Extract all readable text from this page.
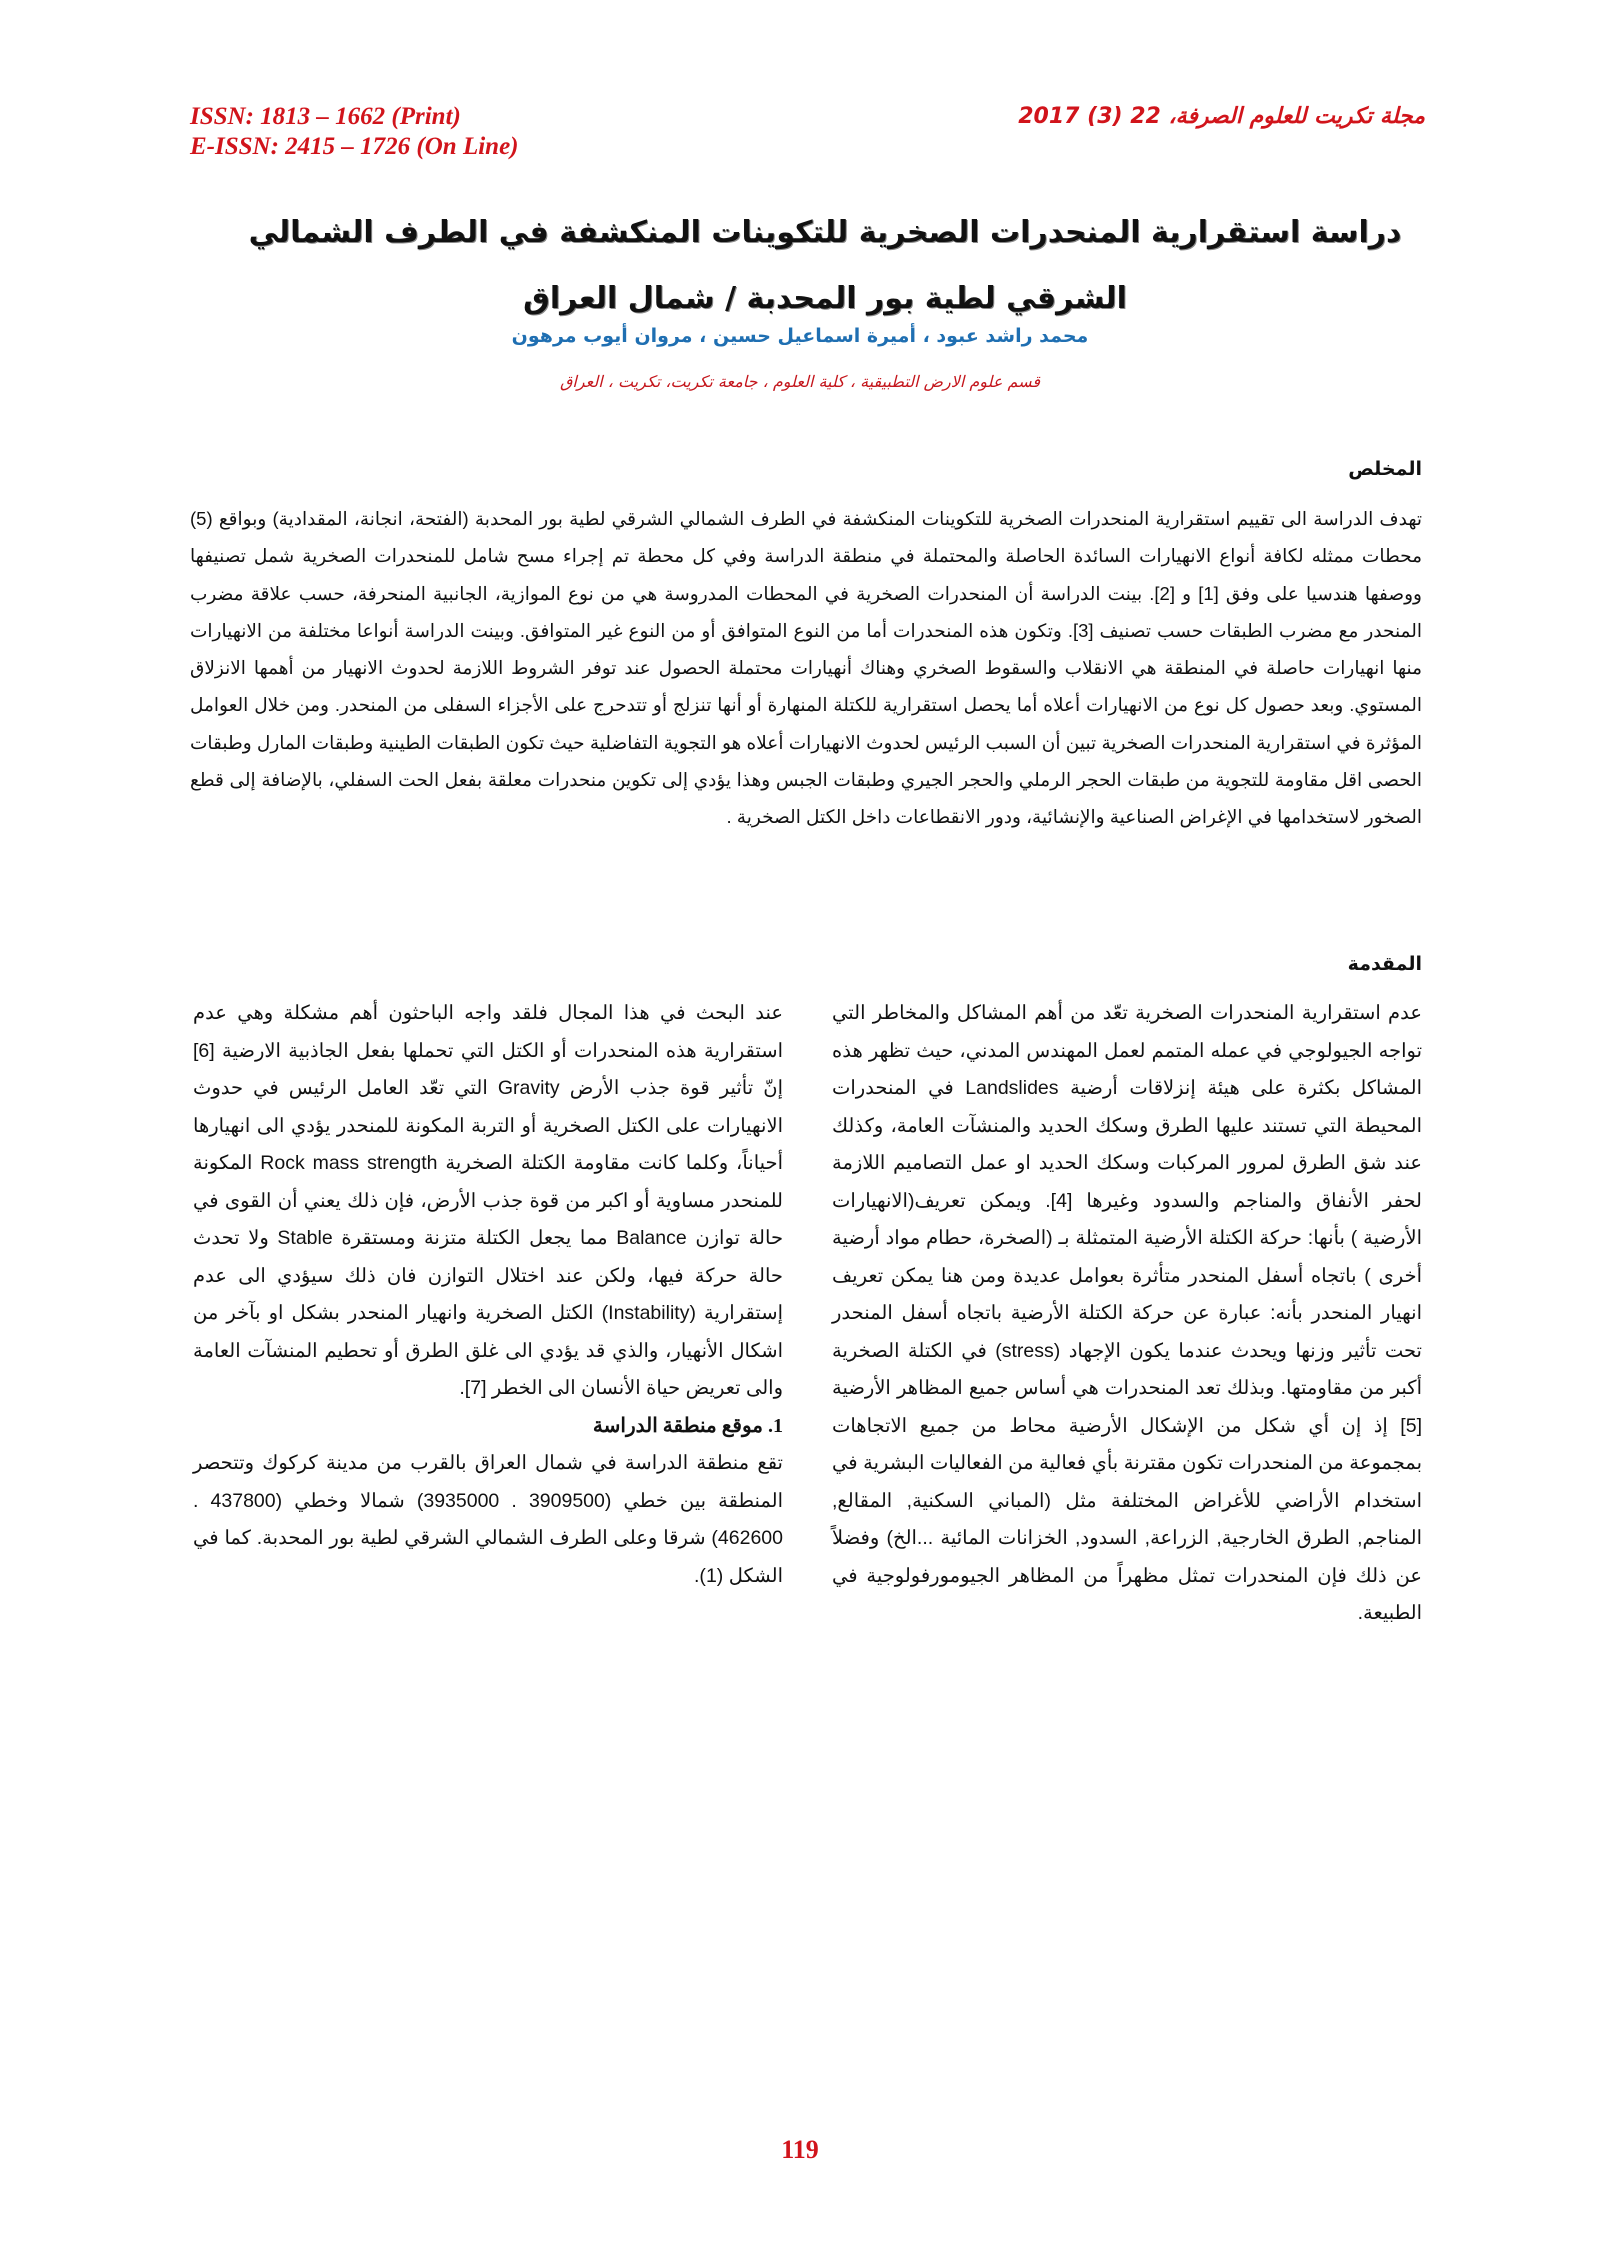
ISSN: 1813 – 1662 (Print)
E-ISSN: 2415 – 1726 (On Line)
مجلة تكريت للعلوم الصرفة، 22 (3) 2017
دراسة استقرارية المنحدرات الصخرية للتكوينات المنكشفة في الطرف الشمالي الشرقي لطية بور المحدبة / شمال العراق
محمد راشد عبود ، أميرة اسماعيل حسين ، مروان أيوب مرهون
قسم علوم الارض التطبيقية ، كلية العلوم ، جامعة تكريت، تكريت ، العراق
المخلص
تهدف الدراسة الى تقييم استقرارية المنحدرات الصخرية للتكوينات المنكشفة في الطرف الشمالي الشرقي لطية بور المحدبة (الفتحة، انجانة، المقدادية) وبواقع (5) محطات ممثله لكافة أنواع الانهيارات السائدة الحاصلة والمحتملة في منطقة الدراسة وفي كل محطة تم إجراء مسح شامل للمنحدرات الصخرية شمل تصنيفها ووصفها هندسيا على وفق [1] و [2]. بينت الدراسة أن المنحدرات الصخرية في المحطات المدروسة هي من نوع الموازية، الجانبية المنحرفة، حسب علاقة مضرب المنحدر مع مضرب الطبقات حسب تصنيف [3]. وتكون هذه المنحدرات أما من النوع المتوافق أو من النوع غير المتوافق. وبينت الدراسة أنواعا مختلفة من الانهيارات منها انهيارات حاصلة في المنطقة هي الانقلاب والسقوط الصخري وهناك أنهيارات محتملة الحصول عند توفر الشروط اللازمة لحدوث الانهيار من أهمها الانزلاق المستوي. وبعد حصول كل نوع من الانهيارات أعلاه أما يحصل استقرارية للكتلة المنهارة أو أنها تنزلج أو تتدحرج على الأجزاء السفلى من المنحدر. ومن خلال العوامل المؤثرة في استقرارية المنحدرات الصخرية تبين أن السبب الرئيس لحدوث الانهيارات أعلاه هو التجوية التفاضلية حيث تكون الطبقات الطينية وطبقات المارل وطبقات الحصى اقل مقاومة للتجوية من طبقات الحجر الرملي والحجر الجيري وطبقات الجبس وهذا يؤدي إلى تكوين منحدرات معلقة بفعل الحت السفلي، بالإضافة إلى قطع الصخور لاستخدامها في الإغراض الصناعية والإنشائية، ودور الانقطاعات داخل الكتل الصخرية .
المقدمة

عدم استقرارية المنحدرات الصخرية تعّد من أهم المشاكل والمخاطر التي تواجه الجيولوجي في عمله المتمم لعمل المهندس المدني، حيث تظهر هذه المشاكل بكثرة على هيئة إنزلاقات أرضية Landslides في المنحدرات المحيطة التي تستند عليها الطرق وسكك الحديد والمنشآت العامة، وكذلك عند شق الطرق لمرور المركبات وسكك الحديد او عمل التصاميم اللازمة لحفر الأنفاق والمناجم والسدود وغيرها [4]. ويمكن تعريف(الانهيارات الأرضية ) بأنها: حركة الكتلة الأرضية المتمثلة بـ (الصخرة، حطام مواد أرضية أخرى ) باتجاه أسفل المنحدر متأثرة بعوامل عديدة ومن هنا يمكن تعريف انهيار المنحدر بأنه: عبارة عن حركة الكتلة الأرضية باتجاه أسفل المنحدر تحت تأثير وزنها ويحدث عندما يكون الإجهاد (stress) في الكتلة الصخرية أكبر من مقاومتها. وبذلك تعد المنحدرات هي أساس جميع المظاهر الأرضية [5] إذ إن أي شكل من الإشكال الأرضية محاط من جميع الاتجاهات بمجموعة من المنحدرات تكون مقترنة بأي فعالية من الفعاليات البشرية في استخدام الأراضي للأغراض المختلفة مثل (المباني السكنية, المقالع, المناجم, الطرق الخارجية, الزراعة, السدود, الخزانات المائية ...الخ) وفضلاً عن ذلك فإن المنحدرات تمثل مظهراً من المظاهر الجيومورفولوجية في الطبيعة.

عند البحث في هذا المجال فلقد واجه الباحثون أهم مشكلة وهي عدم استقرارية هذه المنحدرات أو الكتل التي تحملها بفعل الجاذبية الارضية [6] إنّ تأثير قوة جذب الأرض Gravity التي تعّد العامل الرئيس في حدوث الانهيارات على الكتل الصخرية أو التربة المكونة للمنحدر يؤدي الى انهيارها أحياناً، وكلما كانت مقاومة الكتلة الصخرية Rock mass strength المكونة للمنحدر مساوية أو اكبر من قوة جذب الأرض، فإن ذلك يعني أن القوى في حالة توازن Balance مما يجعل الكتلة متزنة ومستقرة Stable ولا تحدث حالة حركة فيها، ولكن عند اختلال التوازن فان ذلك سيؤدي الى عدم إستقرارية (Instability) الكتل الصخرية وانهيار المنحدر بشكل او بآخر من اشكال الأنهيار، والذي قد يؤدي الى غلق الطرق أو تحطيم المنشآت العامة والى تعريض حياة الأنسان الى الخطر [7].

1. موقع منطقة الدراسة

تقع منطقة الدراسة في شمال العراق بالقرب من مدينة كركوك وتتحصر المنطقة بين خطي (3909500 . 3935000) شمالا وخطي (437800 . 462600) شرقا وعلى الطرف الشمالي الشرقي لطية بور المحدبة. كما في الشكل (1).

119
